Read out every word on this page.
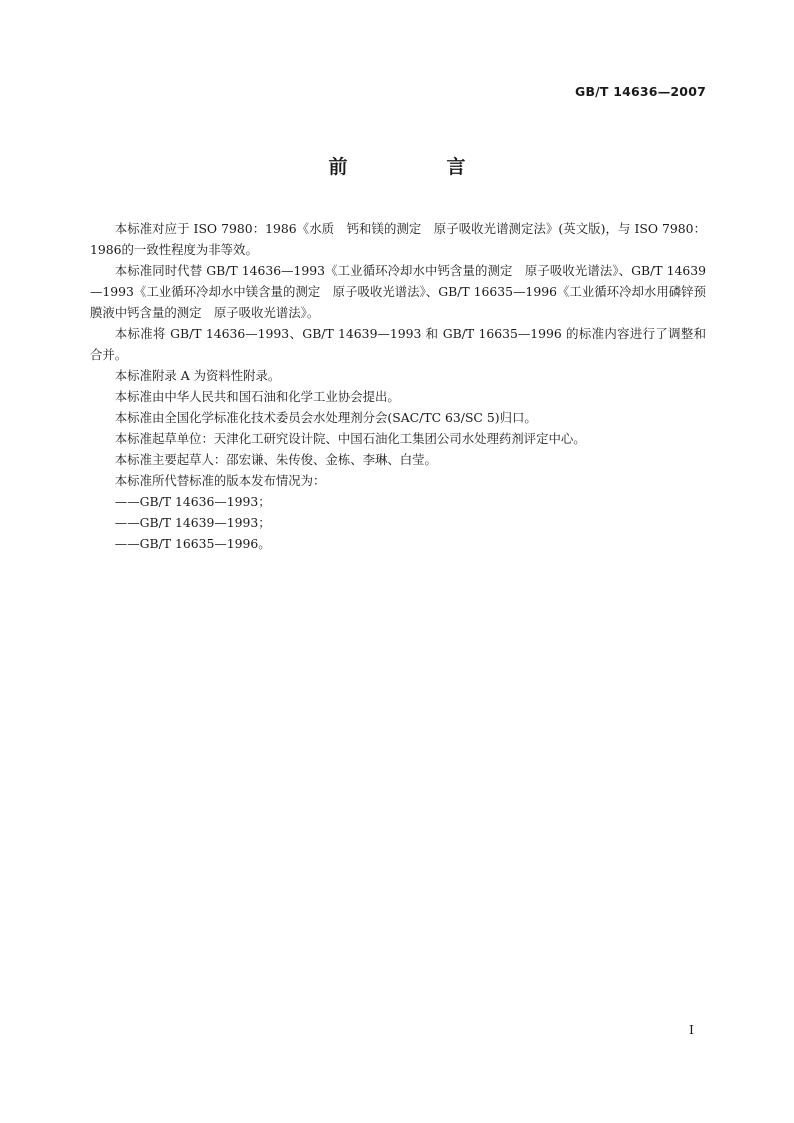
GB/T 14636—2007
前　言

本标准对应于 ISO 7980：1986《水质　钙和镁的测定　原子吸收光谱测定法》(英文版)，与 ISO 7980：1986的一致性程度为非等效。

本标准同时代替 GB/T 14636—1993《工业循环冷却水中钙含量的测定　原子吸收光谱法》、GB/T 14639—1993《工业循环冷却水中镁含量的测定　原子吸收光谱法》、GB/T 16635—1996《工业循环冷却水用磷锌预膜液中钙含量的测定　原子吸收光谱法》。

本标准将 GB/T 14636—1993、GB/T 14639—1993 和 GB/T 16635—1996 的标准内容进行了调整和合并。

本标准附录 A 为资料性附录。

本标准由中华人民共和国石油和化学工业协会提出。

本标准由全国化学标准化技术委员会水处理剂分会(SAC/TC 63/SC 5)归口。

本标准起草单位：天津化工研究设计院、中国石油化工集团公司水处理药剂评定中心。

本标准主要起草人：邵宏谦、朱传俊、金栋、李琳、白莹。

本标准所代替标准的版本发布情况为：

——GB/T 14636—1993；
——GB/T 14639—1993；
——GB/T 16635—1996。
I
